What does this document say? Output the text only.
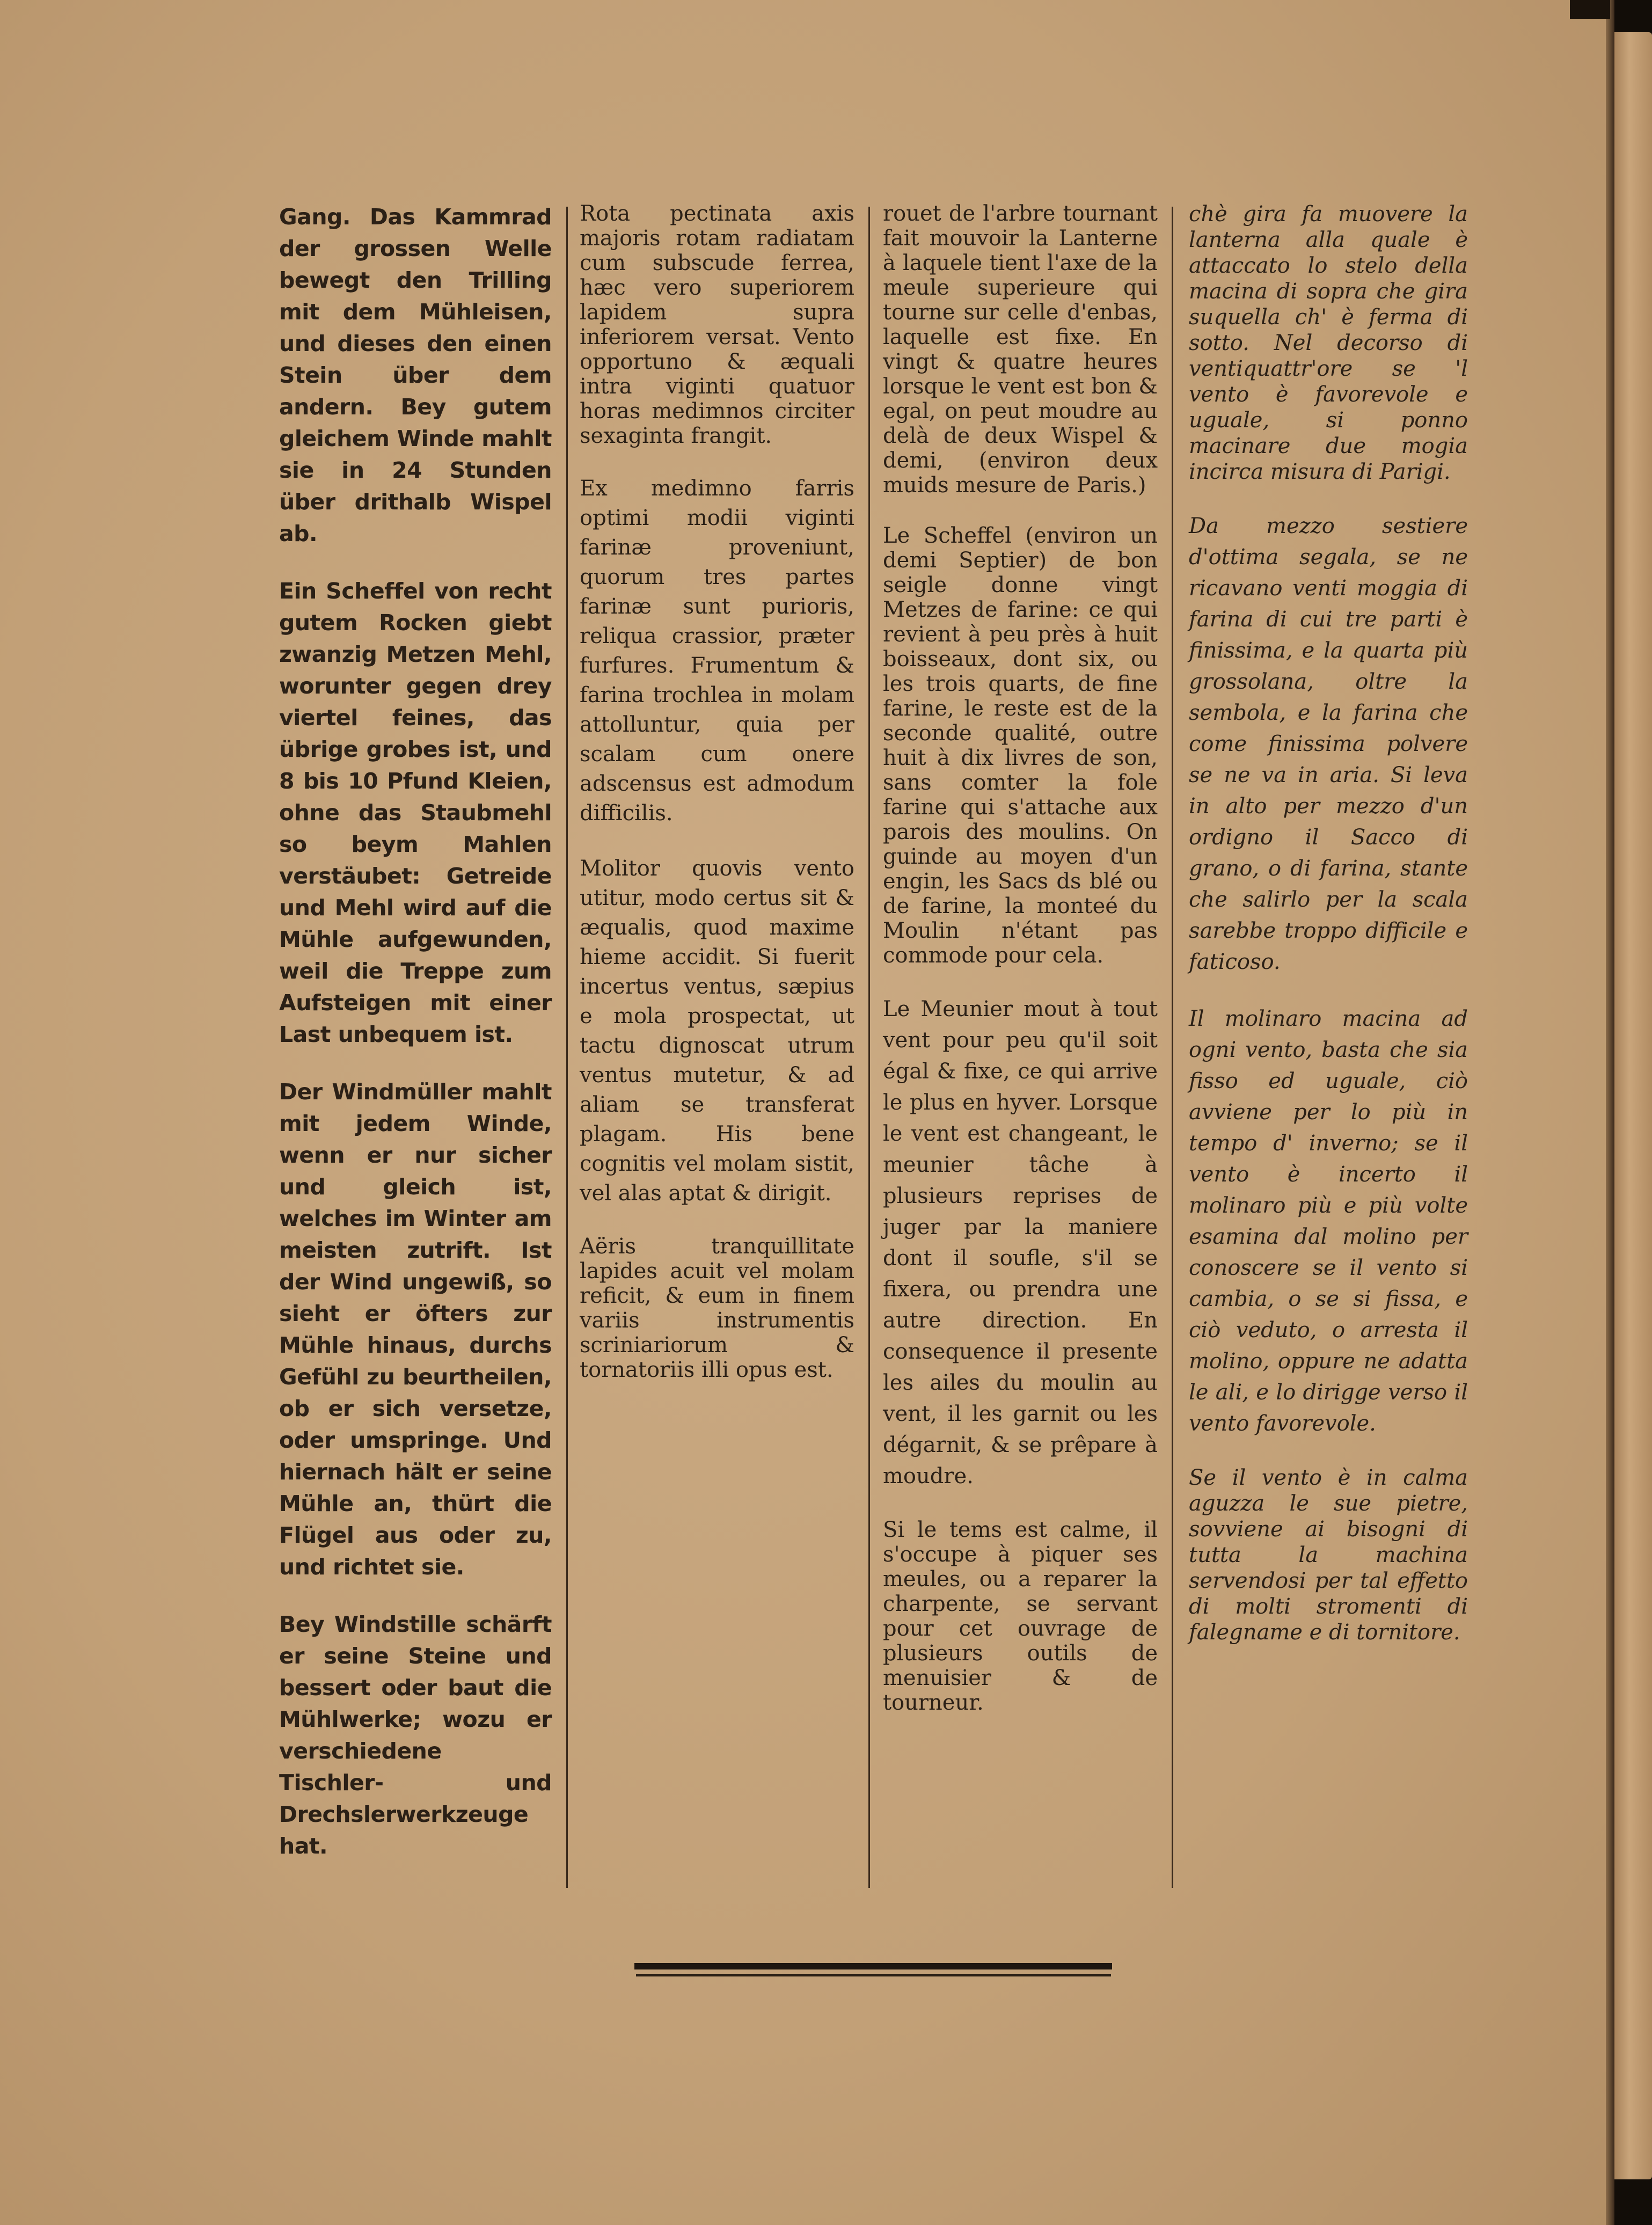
Gang. Das Kammrad der grossen Welle bewegt den Trilling mit dem Mühleisen, und dieses den einen Stein über dem andern. Bey gutem gleichem Winde mahlt sie in 24 Stunden über drithalb Wispel ab.

Ein Scheffel von recht gutem Rocken giebt zwanzig Metzen Mehl, worunter gegen drey viertel feines, das übrige grobes ist, und 8 bis 10 Pfund Kleien, ohne das Staubmehl so beym Mahlen verstäubet: Getreide und Mehl wird auf die Mühle aufgewunden, weil die Treppe zum Aufsteigen mit einer Last unbequem ist.

Der Windmüller mahlt mit jedem Winde, wenn er nur sicher und gleich ist, welches im Winter am meisten zutrift. Ist der Wind ungewiß, so sieht er öfters zur Mühle hinaus, durchs Gefühl zu beurtheilen, ob er sich versetze, oder umspringe. Und hiernach hält er seine Mühle an, thürt die Flügel aus oder zu, und richtet sie.

Bey Windstille schärft er seine Steine und bessert oder baut die Mühlwerke; wozu er verschiedene Tischler- und Drechslerwerkzeuge hat.

Rota pectinata axis majoris rotam radiatam cum subscude ferrea, hæc vero superiorem lapidem supra inferiorem versat. Vento opportuno & æquali intra viginti quatuor horas medimnos circiter sexaginta frangit.

Ex medimno farris optimi modii viginti farinæ proveniunt, quorum tres partes farinæ sunt purioris, reliqua crassior, præter furfures. Frumentum & farina trochlea in molam attolluntur, quia per scalam cum onere adscensus est admodum difficilis.

Molitor quovis vento utitur, modo certus sit & æqualis, quod maxime hieme accidit. Si fuerit incertus ventus, sæpius e mola prospectat, ut tactu dignoscat utrum ventus mutetur, & ad aliam se transferat plagam. His bene cognitis vel molam sistit, vel alas aptat & dirigit.

Aëris tranquillitate lapides acuit vel molam reficit, & eum in finem variis instrumentis scriniariorum & tornatoriis illi opus est.

rouet de l'arbre tournant fait mouvoir la Lanterne à laquele tient l'axe de la meule superieure qui tourne sur celle d'enbas, laquelle est fixe. En vingt & quatre heures lorsque le vent est bon & egal, on peut moudre au delà de deux Wispel & demi, (environ deux muids mesure de Paris.)

Le Scheffel (environ un demi Septier) de bon seigle donne vingt Metzes de farine: ce qui revient à peu près à huit boisseaux, dont six, ou les trois quarts, de fine farine, le reste est de la seconde qualité, outre huit à dix livres de son, sans comter la fole farine qui s'attache aux parois des moulins. On guinde au moyen d'un engin, les Sacs ds blé ou de farine, la monteé du Moulin n'étant pas commode pour cela.

Le Meunier mout à tout vent pour peu qu'il soit égal & fixe, ce qui arrive le plus en hyver. Lorsque le vent est changeant, le meunier tâche à plusieurs reprises de juger par la maniere dont il soufle, s'il se fixera, ou prendra une autre direction. En consequence il presente les ailes du moulin au vent, il les garnit ou les dégarnit, & se prêpare à moudre.

Si le tems est calme, il s'occupe à piquer ses meules, ou a reparer la charpente, se servant pour cet ouvrage de plusieurs outils de menuisier & de tourneur.

chè gira fa muovere la lanterna alla quale è attaccato lo stelo della macina di sopra che gira suquella ch' è ferma di sotto. Nel decorso di ventiquattr'ore se 'l vento è favorevole e uguale, si ponno macinare due mogia incirca misura di Parigi.

Da mezzo sestiere d'ottima segala, se ne ricavano venti moggia di farina di cui tre parti è finissima, e la quarta più grossolana, oltre la sembola, e la farina che come finissima polvere se ne va in aria. Si leva in alto per mezzo d'un ordigno il Sacco di grano, o di farina, stante che salirlo per la scala sarebbe troppo difficile e faticoso.

Il molinaro macina ad ogni vento, basta che sia fisso ed uguale, ciò avviene per lo più in tempo d' inverno; se il vento è incerto il molinaro più e più volte esamina dal molino per conoscere se il vento si cambia, o se si fissa, e ciò veduto, o arresta il molino, oppure ne adatta le ali, e lo dirigge verso il vento favorevole.

Se il vento è in calma aguzza le sue pietre, sovviene ai bisogni di tutta la machina servendosi per tal effetto di molti stromenti di falegname e di tornitore.
